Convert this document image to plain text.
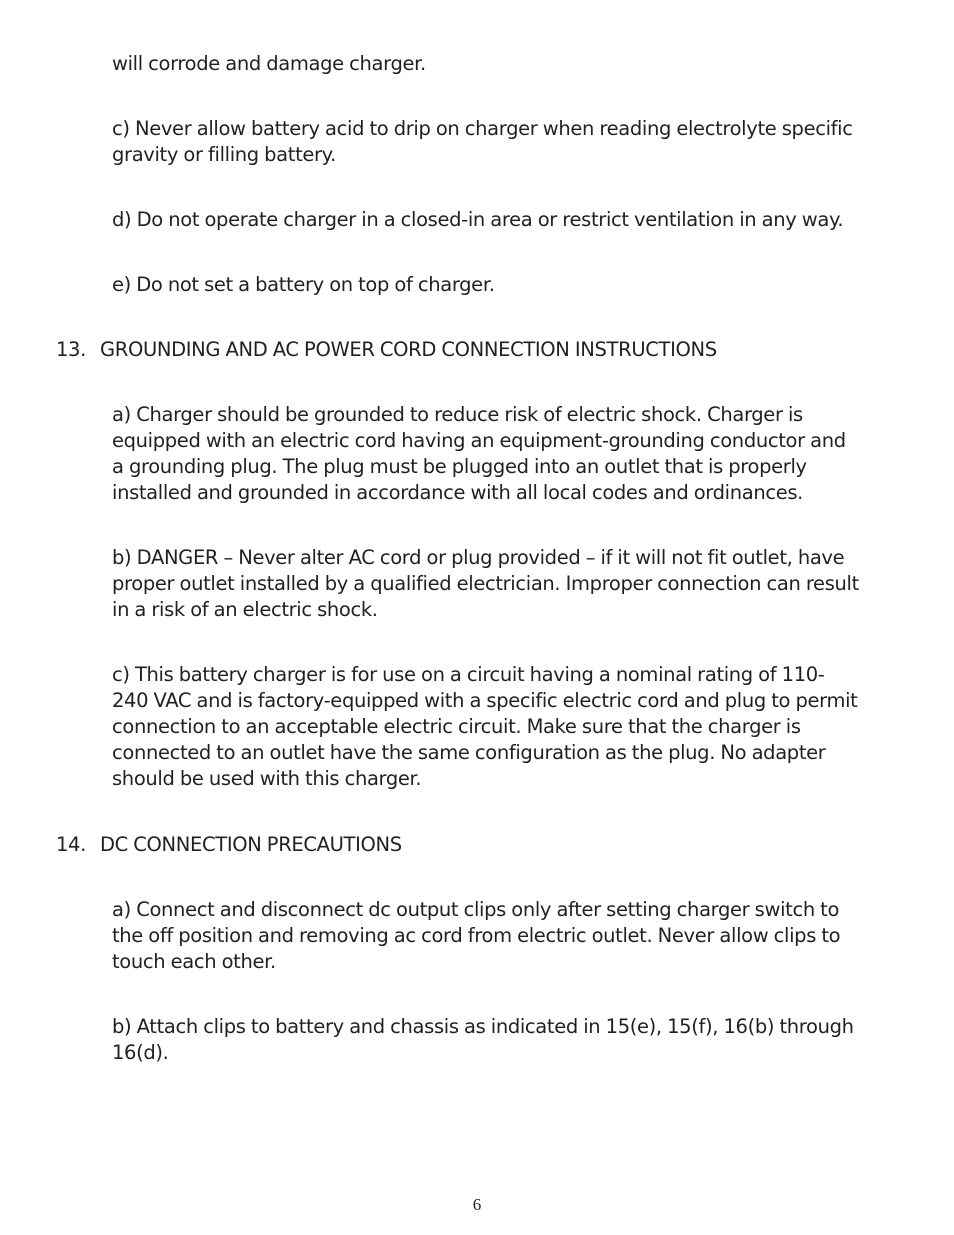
will corrode and damage charger.

c) Never allow battery acid to drip on charger when reading electrolyte specific
gravity or filling battery.

d) Do not operate charger in a closed-in area or restrict ventilation in any way.

e) Do not set a battery on top of charger.

13. GROUNDING AND AC POWER CORD CONNECTION INSTRUCTIONS

a) Charger should be grounded to reduce risk of electric shock. Charger is
equipped with an electric cord having an equipment-grounding conductor and
a grounding plug. The plug must be plugged into an outlet that is properly
installed and grounded in accordance with all local codes and ordinances.

b) DANGER – Never alter AC cord or plug provided – if it will not fit outlet, have
proper outlet installed by a qualified electrician. Improper connection can result
in a risk of an electric shock.

c) This battery charger is for use on a circuit having a nominal rating of 110-
240 VAC and is factory-equipped with a specific electric cord and plug to permit
connection to an acceptable electric circuit. Make sure that the charger is
connected to an outlet have the same configuration as the plug. No adapter
should be used with this charger.

14. DC CONNECTION PRECAUTIONS

a) Connect and disconnect dc output clips only after setting charger switch to
the off position and removing ac cord from electric outlet. Never allow clips to
touch each other.

b) Attach clips to battery and chassis as indicated in 15(e), 15(f), 16(b) through
16(d).

6
